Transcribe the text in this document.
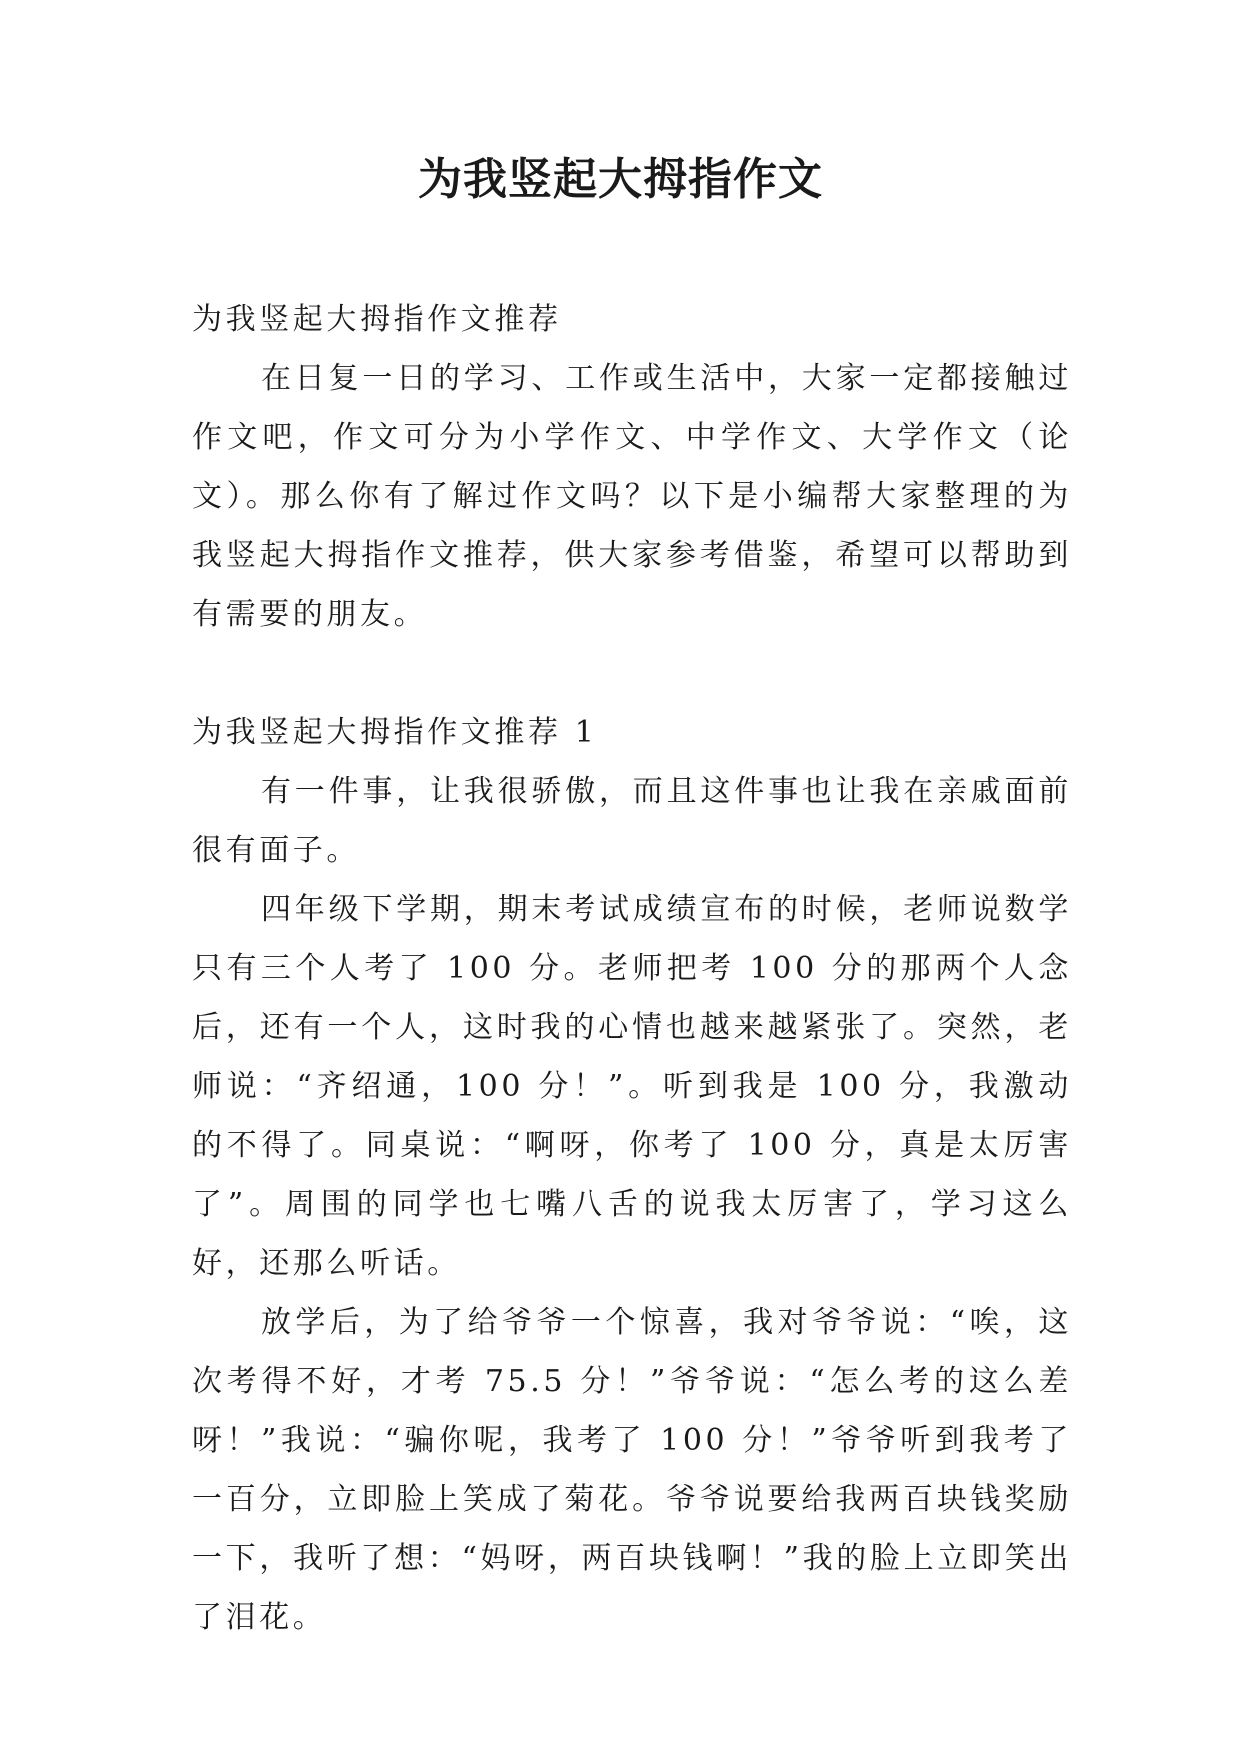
为我竖起大拇指作文
为我竖起大拇指作文推荐

在日复一日的学习、工作或生活中，大家一定都接触过作文吧，作文可分为小学作文、中学作文、大学作文（论文）。那么你有了解过作文吗？以下是小编帮大家整理的为我竖起大拇指作文推荐，供大家参考借鉴，希望可以帮助到有需要的朋友。

为我竖起大拇指作文推荐 1

有一件事，让我很骄傲，而且这件事也让我在亲戚面前很有面子。

四年级下学期，期末考试成绩宣布的时候，老师说数学只有三个人考了 100 分。老师把考 100 分的那两个人念后，还有一个人，这时我的心情也越来越紧张了。突然，老师说：“齐绍通，100 分！”。听到我是 100 分，我激动的不得了。同桌说：“啊呀，你考了 100 分，真是太厉害了”。周围的同学也七嘴八舌的说我太厉害了，学习这么好，还那么听话。

放学后，为了给爷爷一个惊喜，我对爷爷说：“唉，这次考得不好，才考 75.5 分！”爷爷说：“怎么考的这么差呀！”我说：“骗你呢，我考了 100 分！”爷爷听到我考了一百分，立即脸上笑成了菊花。爷爷说要给我两百块钱奖励一下，我听了想：“妈呀，两百块钱啊！”我的脸上立即笑出了泪花。
